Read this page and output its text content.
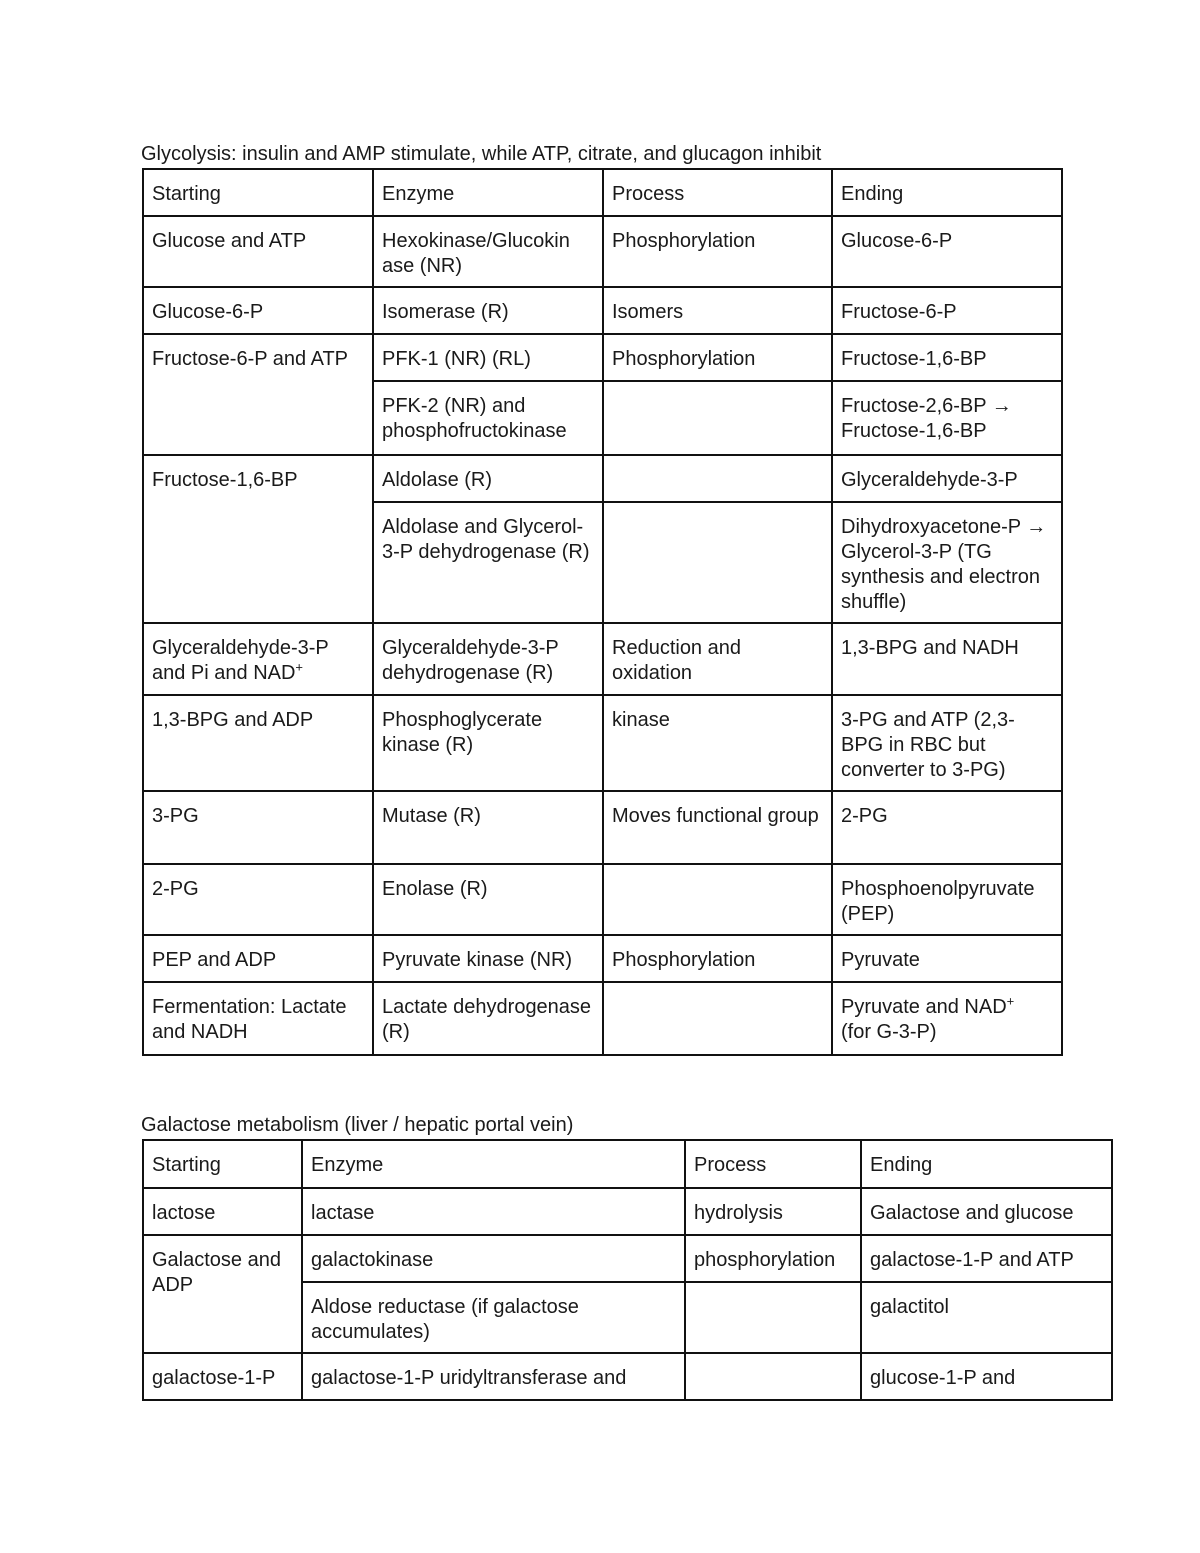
Glycolysis: insulin and AMP stimulate, while ATP, citrate, and glucagon inhibit
Starting	Enzyme	Process	Ending
Glucose and ATP	Hexokinase/Glucokin ase (NR)	Phosphorylation	Glucose-6-P
Glucose-6-P	Isomerase (R)	Isomers	Fructose-6-P
Fructose-6-P and ATP	PFK-1 (NR) (RL)	Phosphorylation	Fructose-1,6-BP
	PFK-2 (NR) and phosphofructokinase		Fructose-2,6-BP → Fructose-1,6-BP
Fructose-1,6-BP	Aldolase (R)		Glyceraldehyde-3-P
	Aldolase and Glycerol-3-P dehydrogenase (R)		Dihydroxyacetone-P → Glycerol-3-P (TG synthesis and electron shuffle)
Glyceraldehyde-3-P and Pi and NAD+	Glyceraldehyde-3-P dehydrogenase (R)	Reduction and oxidation	1,3-BPG and NADH
1,3-BPG and ADP	Phosphoglycerate kinase (R)	kinase	3-PG and ATP (2,3-BPG in RBC but converter to 3-PG)
3-PG	Mutase (R)	Moves functional group	2-PG
2-PG	Enolase (R)		Phosphoenolpyruvate (PEP)
PEP and ADP	Pyruvate kinase (NR)	Phosphorylation	Pyruvate
Fermentation: Lactate and NADH	Lactate dehydrogenase (R)		Pyruvate and NAD+
(for G-3-P)
Galactose metabolism (liver / hepatic portal vein)
Starting	Enzyme	Process	Ending
lactose	lactase	hydrolysis	Galactose and glucose
Galactose and ADP	galactokinase	phosphorylation	galactose-1-P and ATP
	Aldose reductase (if galactose accumulates)		galactitol
galactose-1-P	galactose-1-P uridyltransferase and		glucose-1-P and
